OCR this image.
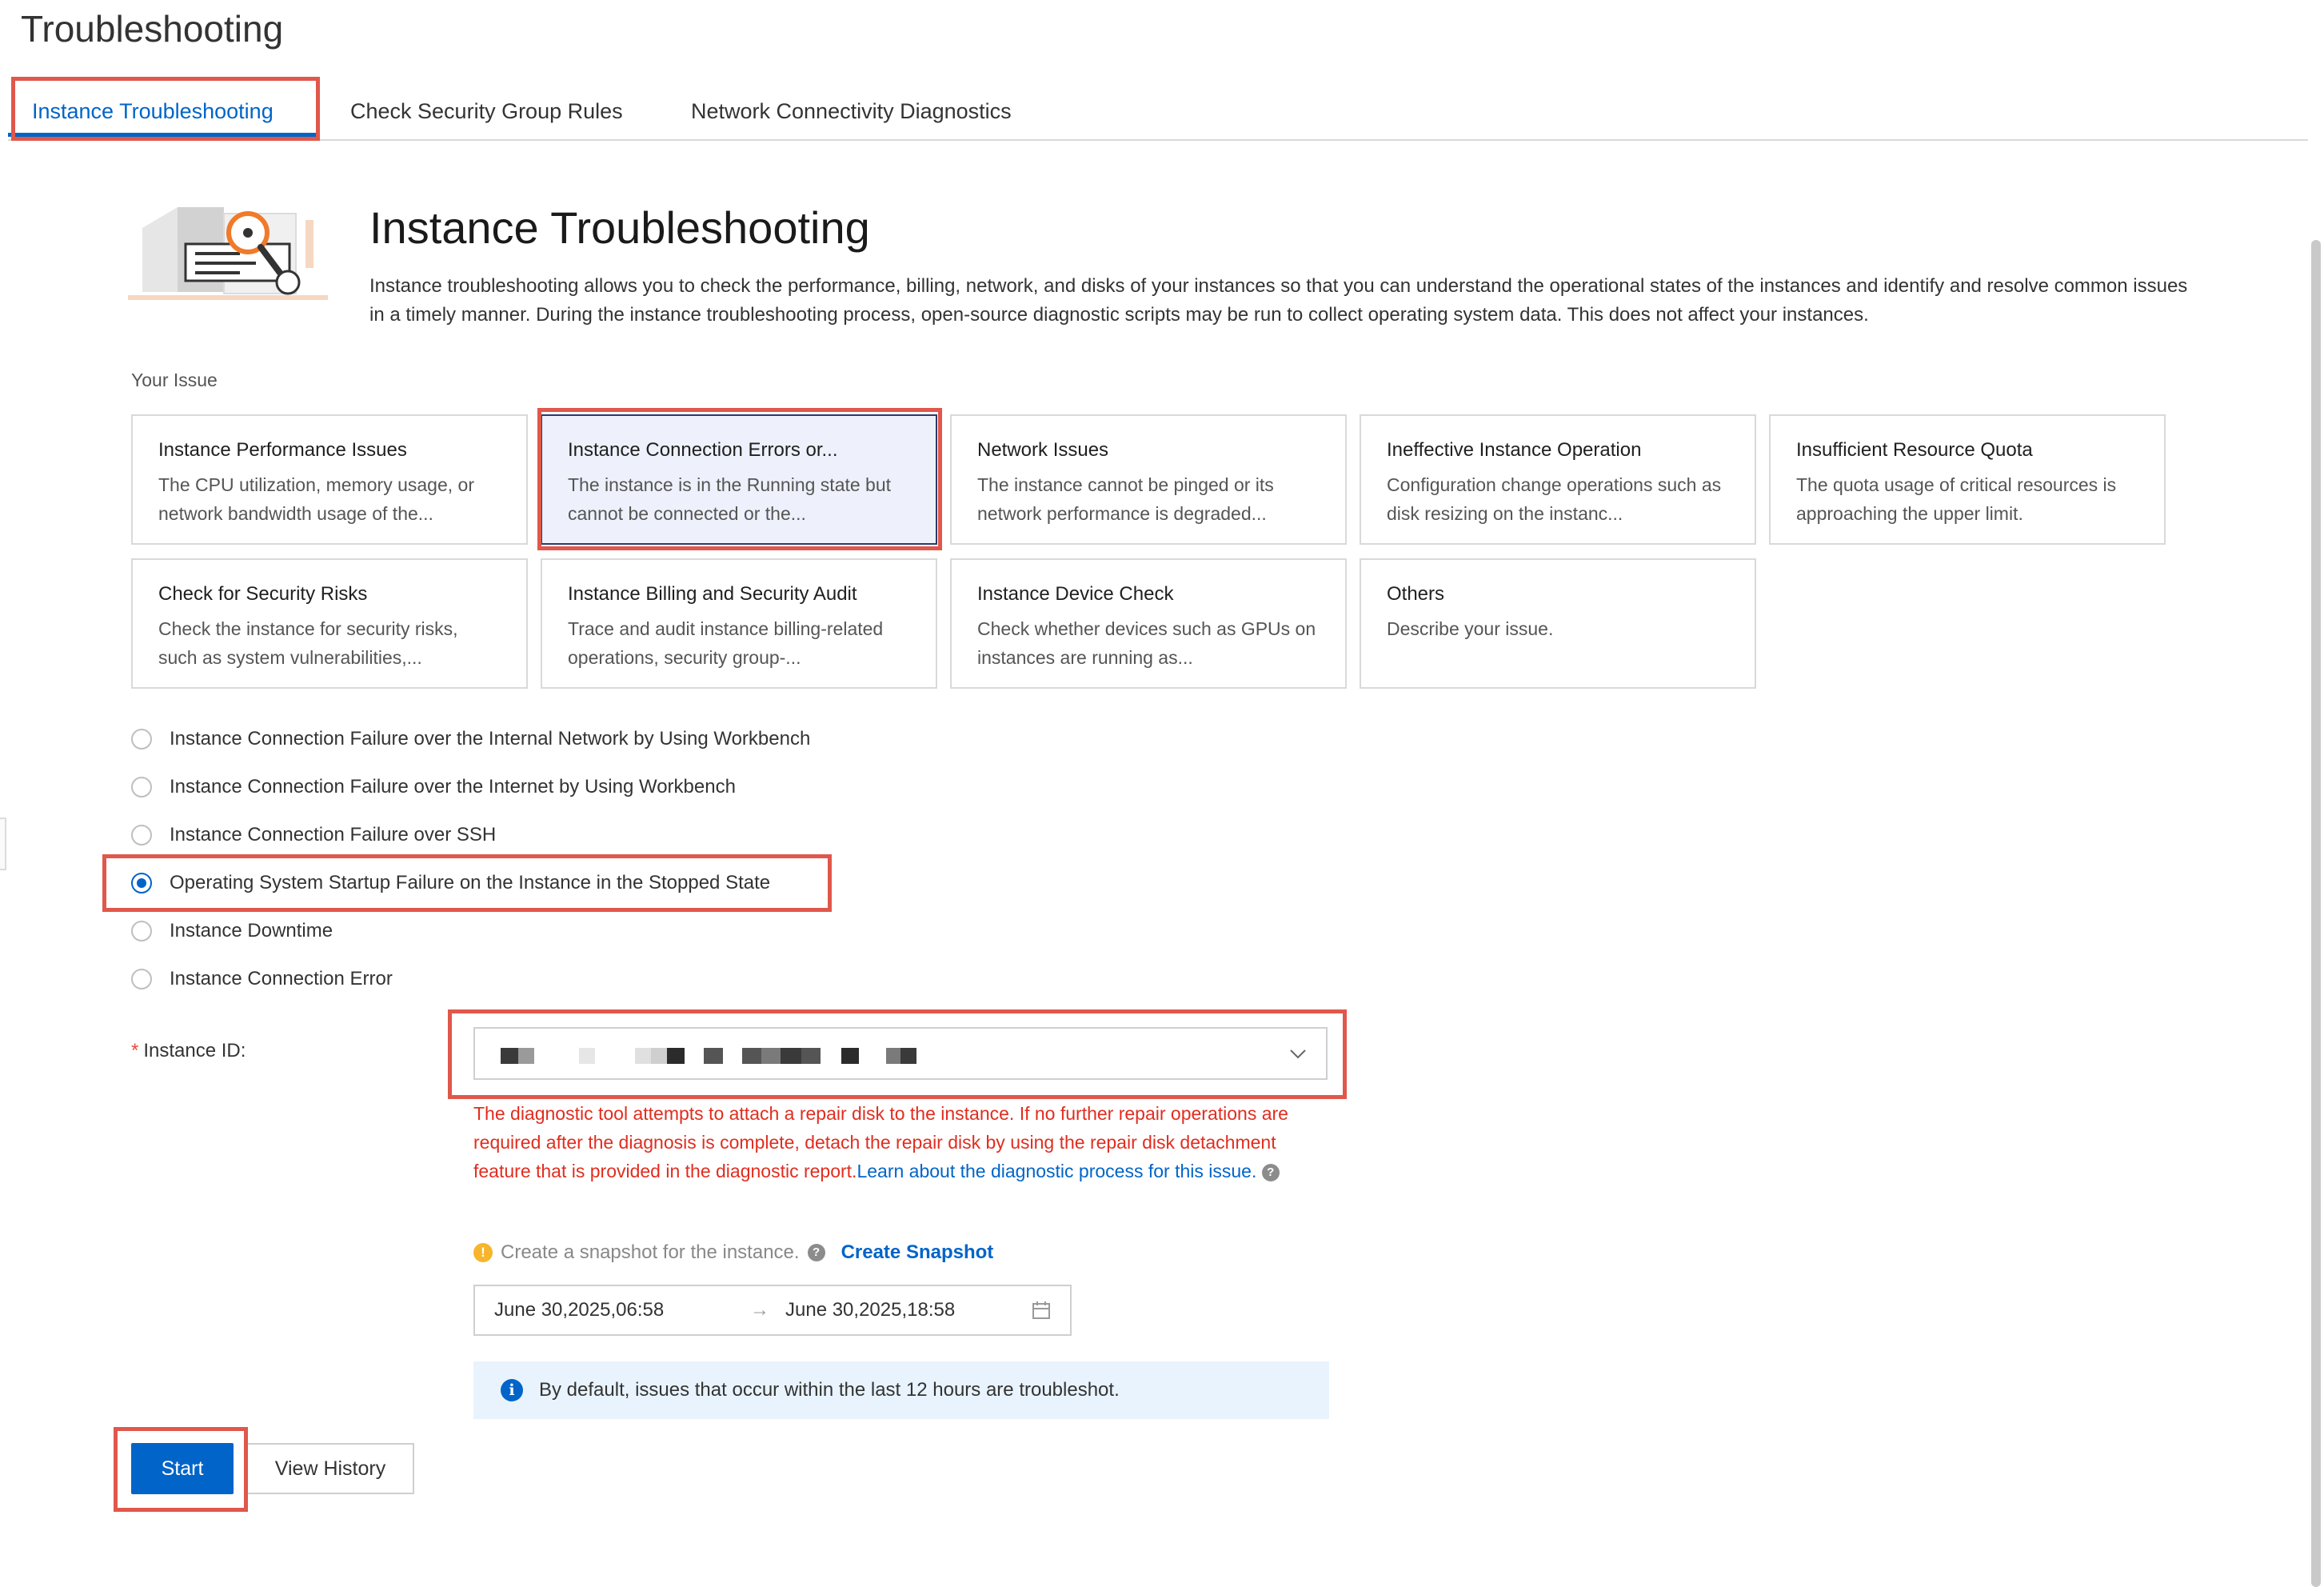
Troubleshooting
Instance Troubleshooting	Check Security Group Rules	Network Connectivity Diagnostics
Instance Troubleshooting
Instance troubleshooting allows you to check the performance, billing, network, and disks of your instances so that you can understand the operational states of the instances and identify and resolve common issues in a timely manner. During the instance troubleshooting process, open-source diagnostic scripts may be run to collect operating system data. This does not affect your instances.
Your Issue
Instance Performance Issues
The CPU utilization, memory usage, or network bandwidth usage of the...
Instance Connection Errors or...
The instance is in the Running state but cannot be connected or the...
Network Issues
The instance cannot be pinged or its network performance is degraded...
Ineffective Instance Operation
Configuration change operations such as disk resizing on the instanc...
Insufficient Resource Quota
The quota usage of critical resources is approaching the upper limit.
Check for Security Risks
Check the instance for security risks, such as system vulnerabilities,...
Instance Billing and Security Audit
Trace and audit instance billing-related operations, security group-...
Instance Device Check
Check whether devices such as GPUs on instances are running as...
Others
Describe your issue.
Instance Connection Failure over the Internal Network by Using Workbench
Instance Connection Failure over the Internet by Using Workbench
Instance Connection Failure over SSH
Operating System Startup Failure on the Instance in the Stopped State
Instance Downtime
Instance Connection Error
* Instance ID:
The diagnostic tool attempts to attach a repair disk to the instance. If no further repair operations are required after the diagnosis is complete, detach the repair disk by using the repair disk detachment feature that is provided in the diagnostic report.Learn about the diagnostic process for this issue. ?
! Create a snapshot for the instance.	? Create Snapshot
June 30,2025,06:58	→ June 30,2025,18:58
i	By default, issues that occur within the last 12 hours are troubleshot.
Start	View History
